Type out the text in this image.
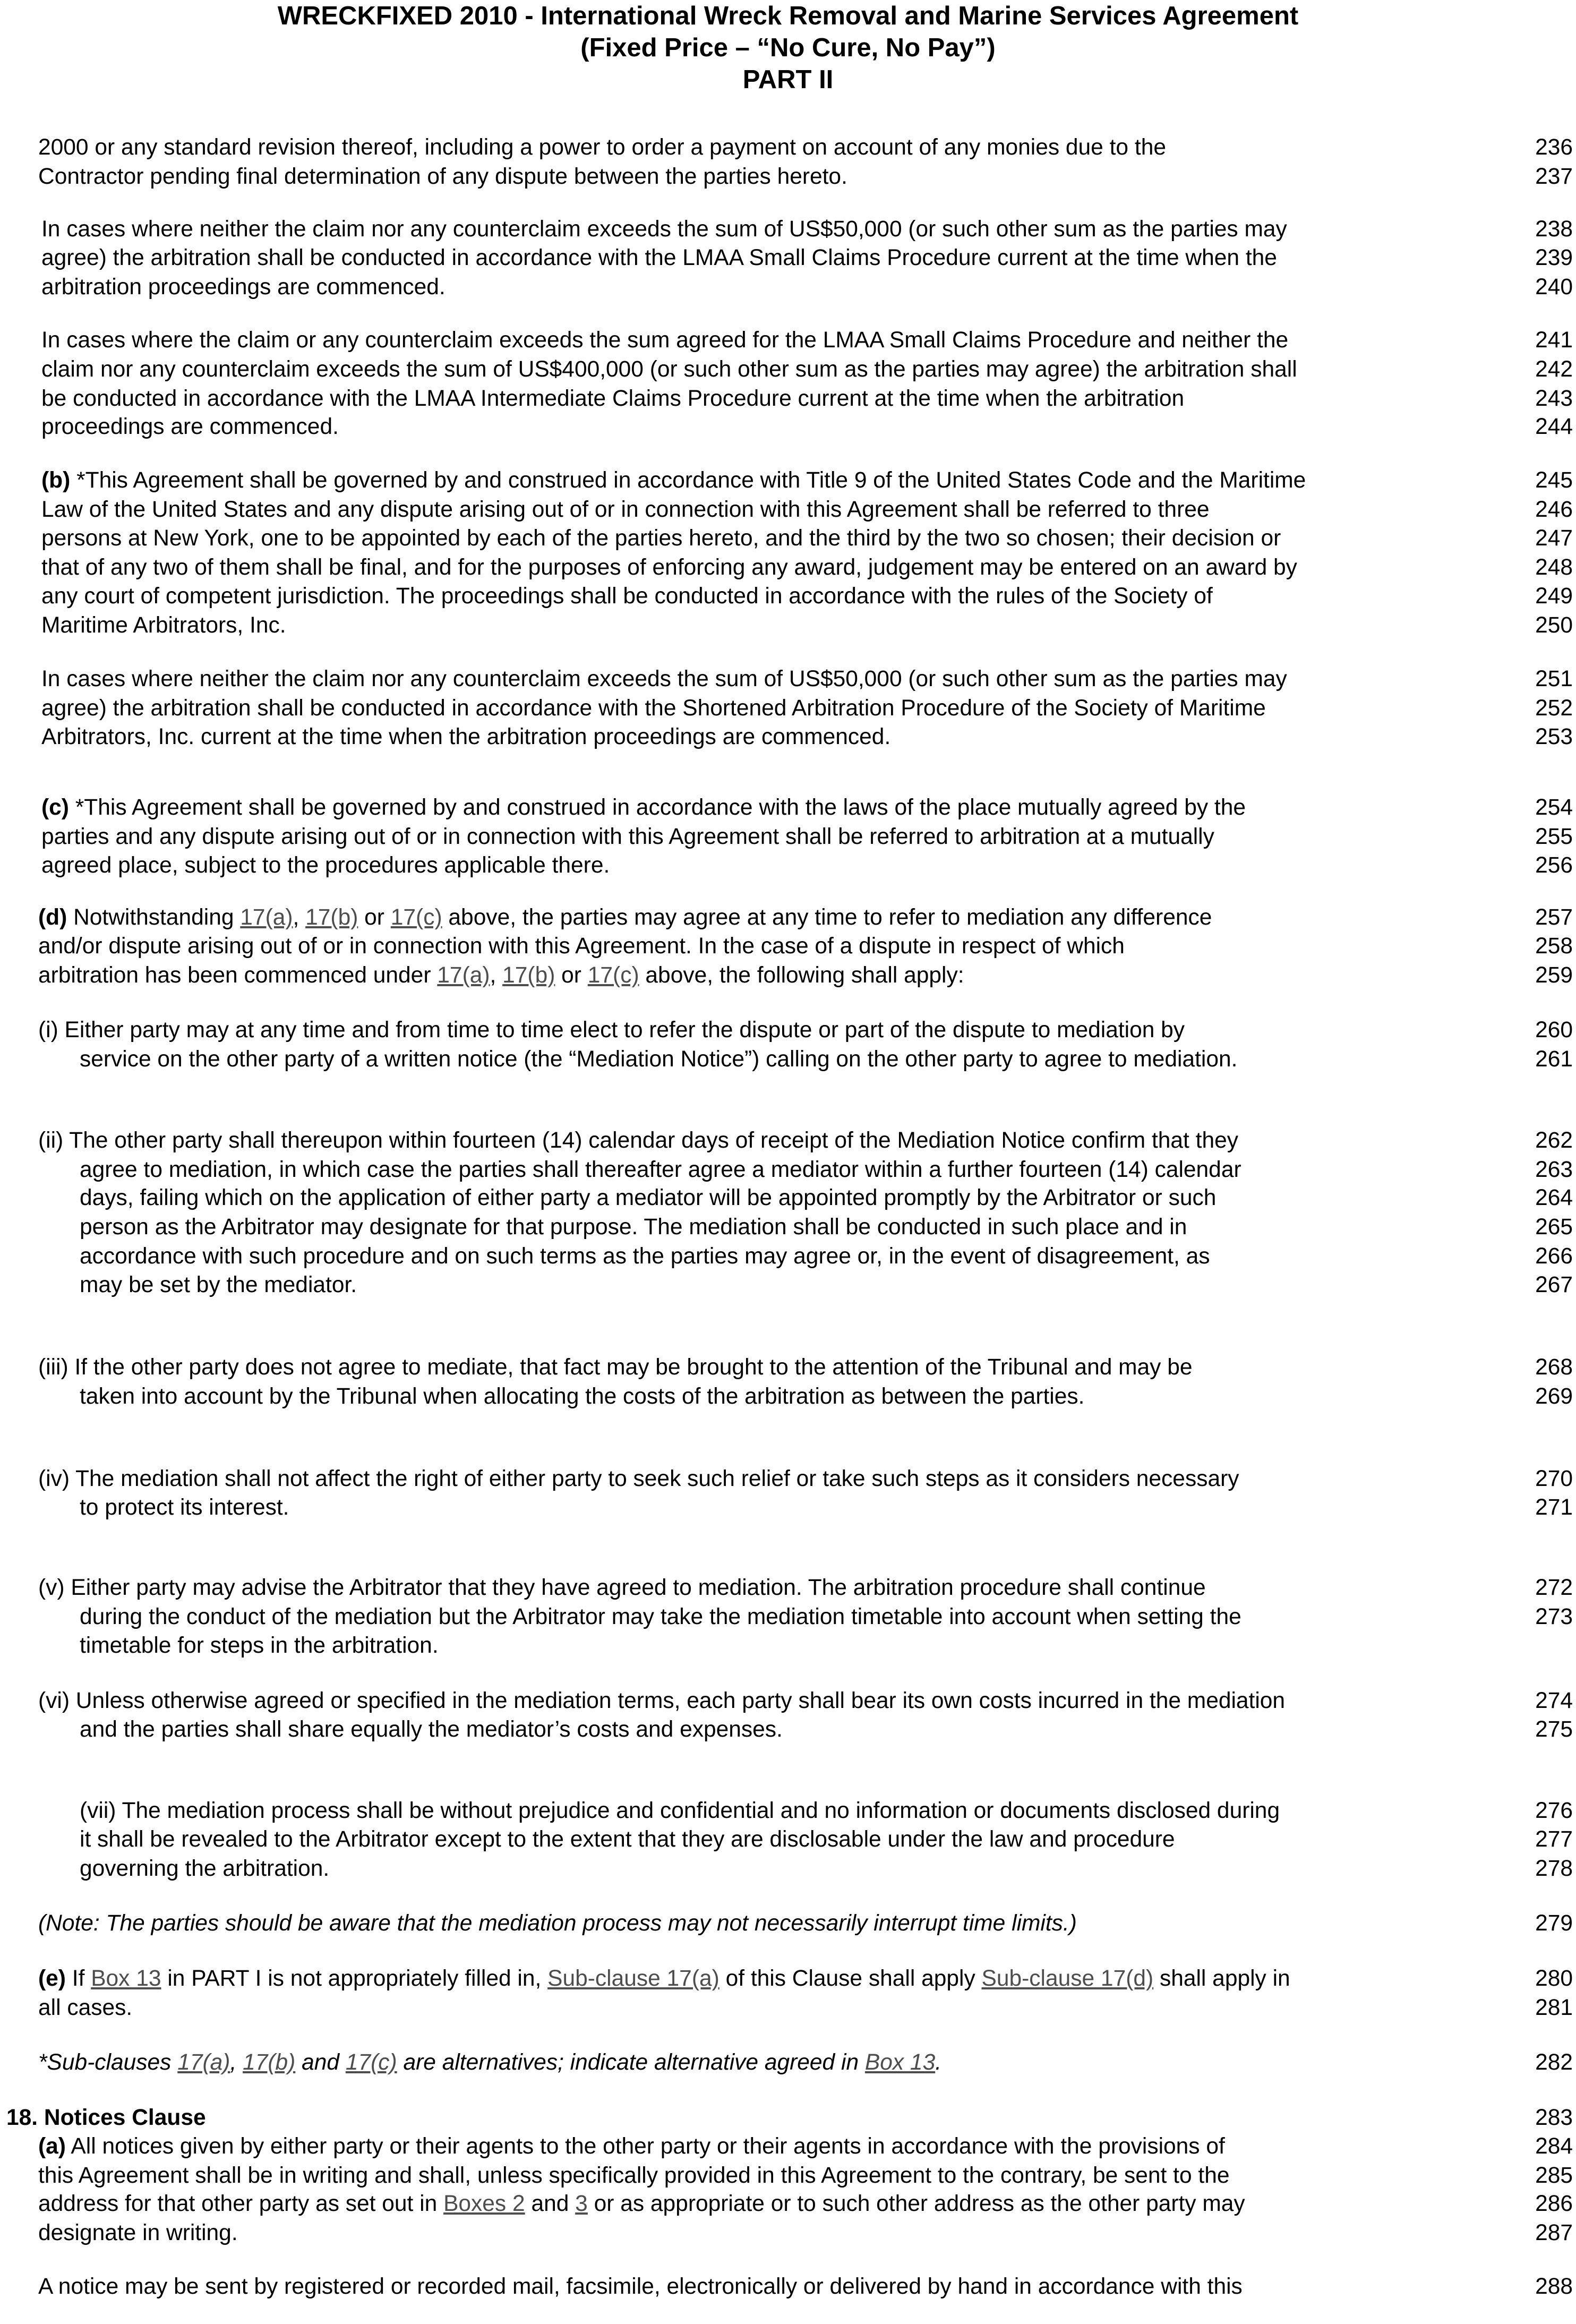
WRECKFIXED 2010 - International Wreck Removal and Marine Services Agreement
(Fixed Price – “No Cure, No Pay”)
PART II
2000 or any standard revision thereof, including a power to order a payment on account of any monies due to the	236
Contractor pending final determination of any dispute between the parties hereto.	237
In cases where neither the claim nor any counterclaim exceeds the sum of US$50,000 (or such other sum as the parties may	238
agree) the arbitration shall be conducted in accordance with the LMAA Small Claims Procedure current at the time when the	239
arbitration proceedings are commenced.	240
In cases where the claim or any counterclaim exceeds the sum agreed for the LMAA Small Claims Procedure and neither the	241
claim nor any counterclaim exceeds the sum of US$400,000 (or such other sum as the parties may agree) the arbitration shall	242
be conducted in accordance with the LMAA Intermediate Claims Procedure current at the time when the arbitration	243
proceedings are commenced.	244
(b) *This Agreement shall be governed by and construed in accordance with Title 9 of the United States Code and the Maritime	245
Law of the United States and any dispute arising out of or in connection with this Agreement shall be referred to three	246
persons at New York, one to be appointed by each of the parties hereto, and the third by the two so chosen; their decision or	247
that of any two of them shall be final, and for the purposes of enforcing any award, judgement may be entered on an award by	248
any court of competent jurisdiction. The proceedings shall be conducted in accordance with the rules of the Society of	249
Maritime Arbitrators, Inc.	250
In cases where neither the claim nor any counterclaim exceeds the sum of US$50,000 (or such other sum as the parties may	251
agree) the arbitration shall be conducted in accordance with the Shortened Arbitration Procedure of the Society of Maritime	252
Arbitrators, Inc. current at the time when the arbitration proceedings are commenced.	253
(c) *This Agreement shall be governed by and construed in accordance with the laws of the place mutually agreed by the	254
parties and any dispute arising out of or in connection with this Agreement shall be referred to arbitration at a mutually	255
agreed place, subject to the procedures applicable there.	256
(d) Notwithstanding 17(a), 17(b) or 17(c) above, the parties may agree at any time to refer to mediation any difference	257
and/or dispute arising out of or in connection with this Agreement. In the case of a dispute in respect of which	258
arbitration has been commenced under 17(a), 17(b) or 17(c) above, the following shall apply:	259
(i) Either party may at any time and from time to time elect to refer the dispute or part of the dispute to mediation by	260
service on the other party of a written notice (the “Mediation Notice”) calling on the other party to agree to mediation.	261
(ii) The other party shall thereupon within fourteen (14) calendar days of receipt of the Mediation Notice confirm that they	262
agree to mediation, in which case the parties shall thereafter agree a mediator within a further fourteen (14) calendar	263
days, failing which on the application of either party a mediator will be appointed promptly by the Arbitrator or such	264
person as the Arbitrator may designate for that purpose. The mediation shall be conducted in such place and in	265
accordance with such procedure and on such terms as the parties may agree or, in the event of disagreement, as	266
may be set by the mediator.	267
(iii) If the other party does not agree to mediate, that fact may be brought to the attention of the Tribunal and may be	268
taken into account by the Tribunal when allocating the costs of the arbitration as between the parties.	269
(iv) The mediation shall not affect the right of either party to seek such relief or take such steps as it considers necessary	270
to protect its interest.	271
(v) Either party may advise the Arbitrator that they have agreed to mediation. The arbitration procedure shall continue	272
during the conduct of the mediation but the Arbitrator may take the mediation timetable into account when setting the	273
timetable for steps in the arbitration.
(vi) Unless otherwise agreed or specified in the mediation terms, each party shall bear its own costs incurred in the mediation	274
and the parties shall share equally the mediator’s costs and expenses.	275
(vii) The mediation process shall be without prejudice and confidential and no information or documents disclosed during	276
it shall be revealed to the Arbitrator except to the extent that they are disclosable under the law and procedure	277
governing the arbitration.	278
(Note: The parties should be aware that the mediation process may not necessarily interrupt time limits.)	279
(e) If Box 13 in PART I is not appropriately filled in, Sub-clause 17(a) of this Clause shall apply Sub-clause 17(d) shall apply in	280
all cases.	281
*Sub-clauses 17(a), 17(b) and 17(c) are alternatives; indicate alternative agreed in Box 13.	282
18. Notices Clause	283
(a) All notices given by either party or their agents to the other party or their agents in accordance with the provisions of	284
this Agreement shall be in writing and shall, unless specifically provided in this Agreement to the contrary, be sent to the	285
address for that other party as set out in Boxes 2 and 3 or as appropriate or to such other address as the other party may	286
designate in writing.	287
A notice may be sent by registered or recorded mail, facsimile, electronically or delivered by hand in accordance with this	288
